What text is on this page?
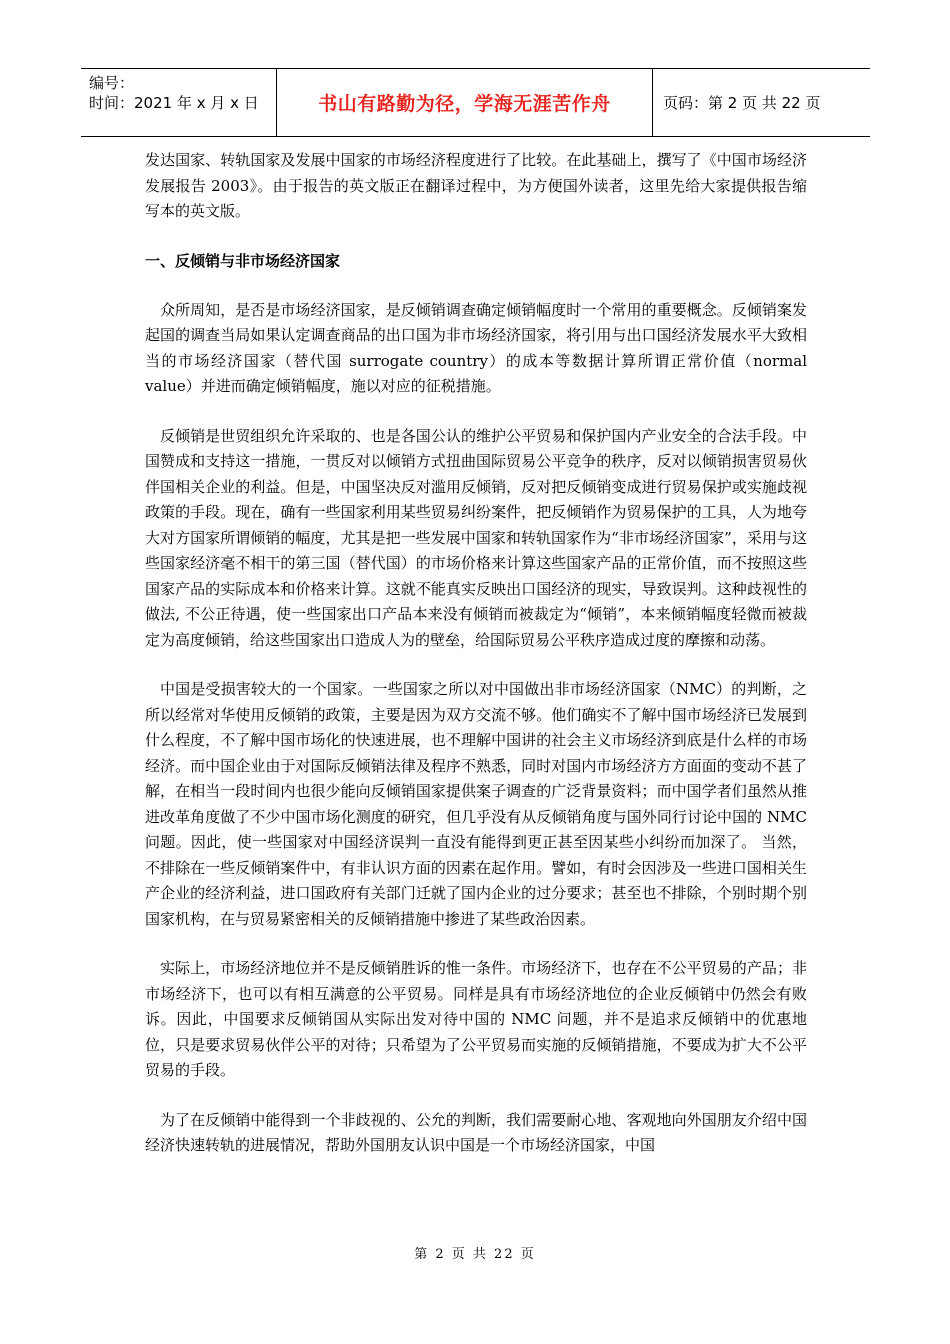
编号：
时间：2021 年 x 月 x 日	书山有路勤为径，学海无涯苦作舟	页码：第 2 页 共 22 页

发达国家、转轨国家及发展中国家的市场经济程度进行了比较。在此基础上，撰写了《中国市场经济发展报告 2003》。由于报告的英文版正在翻译过程中，为方便国外读者，这里先给大家提供报告缩写本的英文版。

一、反倾销与非市场经济国家

众所周知，是否是市场经济国家，是反倾销调查确定倾销幅度时一个常用的重要概念。反倾销案发起国的调查当局如果认定调查商品的出口国为非市场经济国家，将引用与出口国经济发展水平大致相当的市场经济国家（替代国 surrogate country）的成本等数据计算所谓正常价值（normal value）并进而确定倾销幅度，施以对应的征税措施。

反倾销是世贸组织允许采取的、也是各国公认的维护公平贸易和保护国内产业安全的合法手段。中国赞成和支持这一措施，一贯反对以倾销方式扭曲国际贸易公平竞争的秩序，反对以倾销损害贸易伙伴国相关企业的利益。但是，中国坚决反对滥用反倾销，反对把反倾销变成进行贸易保护或实施歧视政策的手段。现在，确有一些国家利用某些贸易纠纷案件，把反倾销作为贸易保护的工具，人为地夸大对方国家所谓倾销的幅度，尤其是把一些发展中国家和转轨国家作为“非市场经济国家”，采用与这些国家经济毫不相干的第三国（替代国）的市场价格来计算这些国家产品的正常价值，而不按照这些国家产品的实际成本和价格来计算。这就不能真实反映出口国经济的现实，导致误判。这种歧视性的做法, 不公正待遇，使一些国家出口产品本来没有倾销而被裁定为“倾销”，本来倾销幅度轻微而被裁定为高度倾销，给这些国家出口造成人为的壁垒，给国际贸易公平秩序造成过度的摩擦和动荡。

中国是受损害较大的一个国家。一些国家之所以对中国做出非市场经济国家（NMC）的判断，之所以经常对华使用反倾销的政策，主要是因为双方交流不够。他们确实不了解中国市场经济已发展到什么程度，不了解中国市场化的快速进展，也不理解中国讲的社会主义市场经济到底是什么样的市场经济。而中国企业由于对国际反倾销法律及程序不熟悉，同时对国内市场经济方方面面的变动不甚了解，在相当一段时间内也很少能向反倾销国家提供案子调查的广泛背景资料；而中国学者们虽然从推进改革角度做了不少中国市场化测度的研究，但几乎没有从反倾销角度与国外同行讨论中国的 NMC 问题。因此，使一些国家对中国经济误判一直没有能得到更正甚至因某些小纠纷而加深了。 当然，不排除在一些反倾销案件中，有非认识方面的因素在起作用。譬如，有时会因涉及一些进口国相关生产企业的经济利益，进口国政府有关部门迁就了国内企业的过分要求；甚至也不排除，个别时期个别国家机构，在与贸易紧密相关的反倾销措施中掺进了某些政治因素。

实际上，市场经济地位并不是反倾销胜诉的惟一条件。市场经济下，也存在不公平贸易的产品；非市场经济下，也可以有相互满意的公平贸易。同样是具有市场经济地位的企业反倾销中仍然会有败诉。因此，中国要求反倾销国从实际出发对待中国的 NMC 问题，并不是追求反倾销中的优惠地位，只是要求贸易伙伴公平的对待；只希望为了公平贸易而实施的反倾销措施，不要成为扩大不公平贸易的手段。

为了在反倾销中能得到一个非歧视的、公允的判断，我们需要耐心地、客观地向外国朋友介绍中国经济快速转轨的进展情况，帮助外国朋友认识中国是一个市场经济国家，中国

第 2 页 共 22 页
